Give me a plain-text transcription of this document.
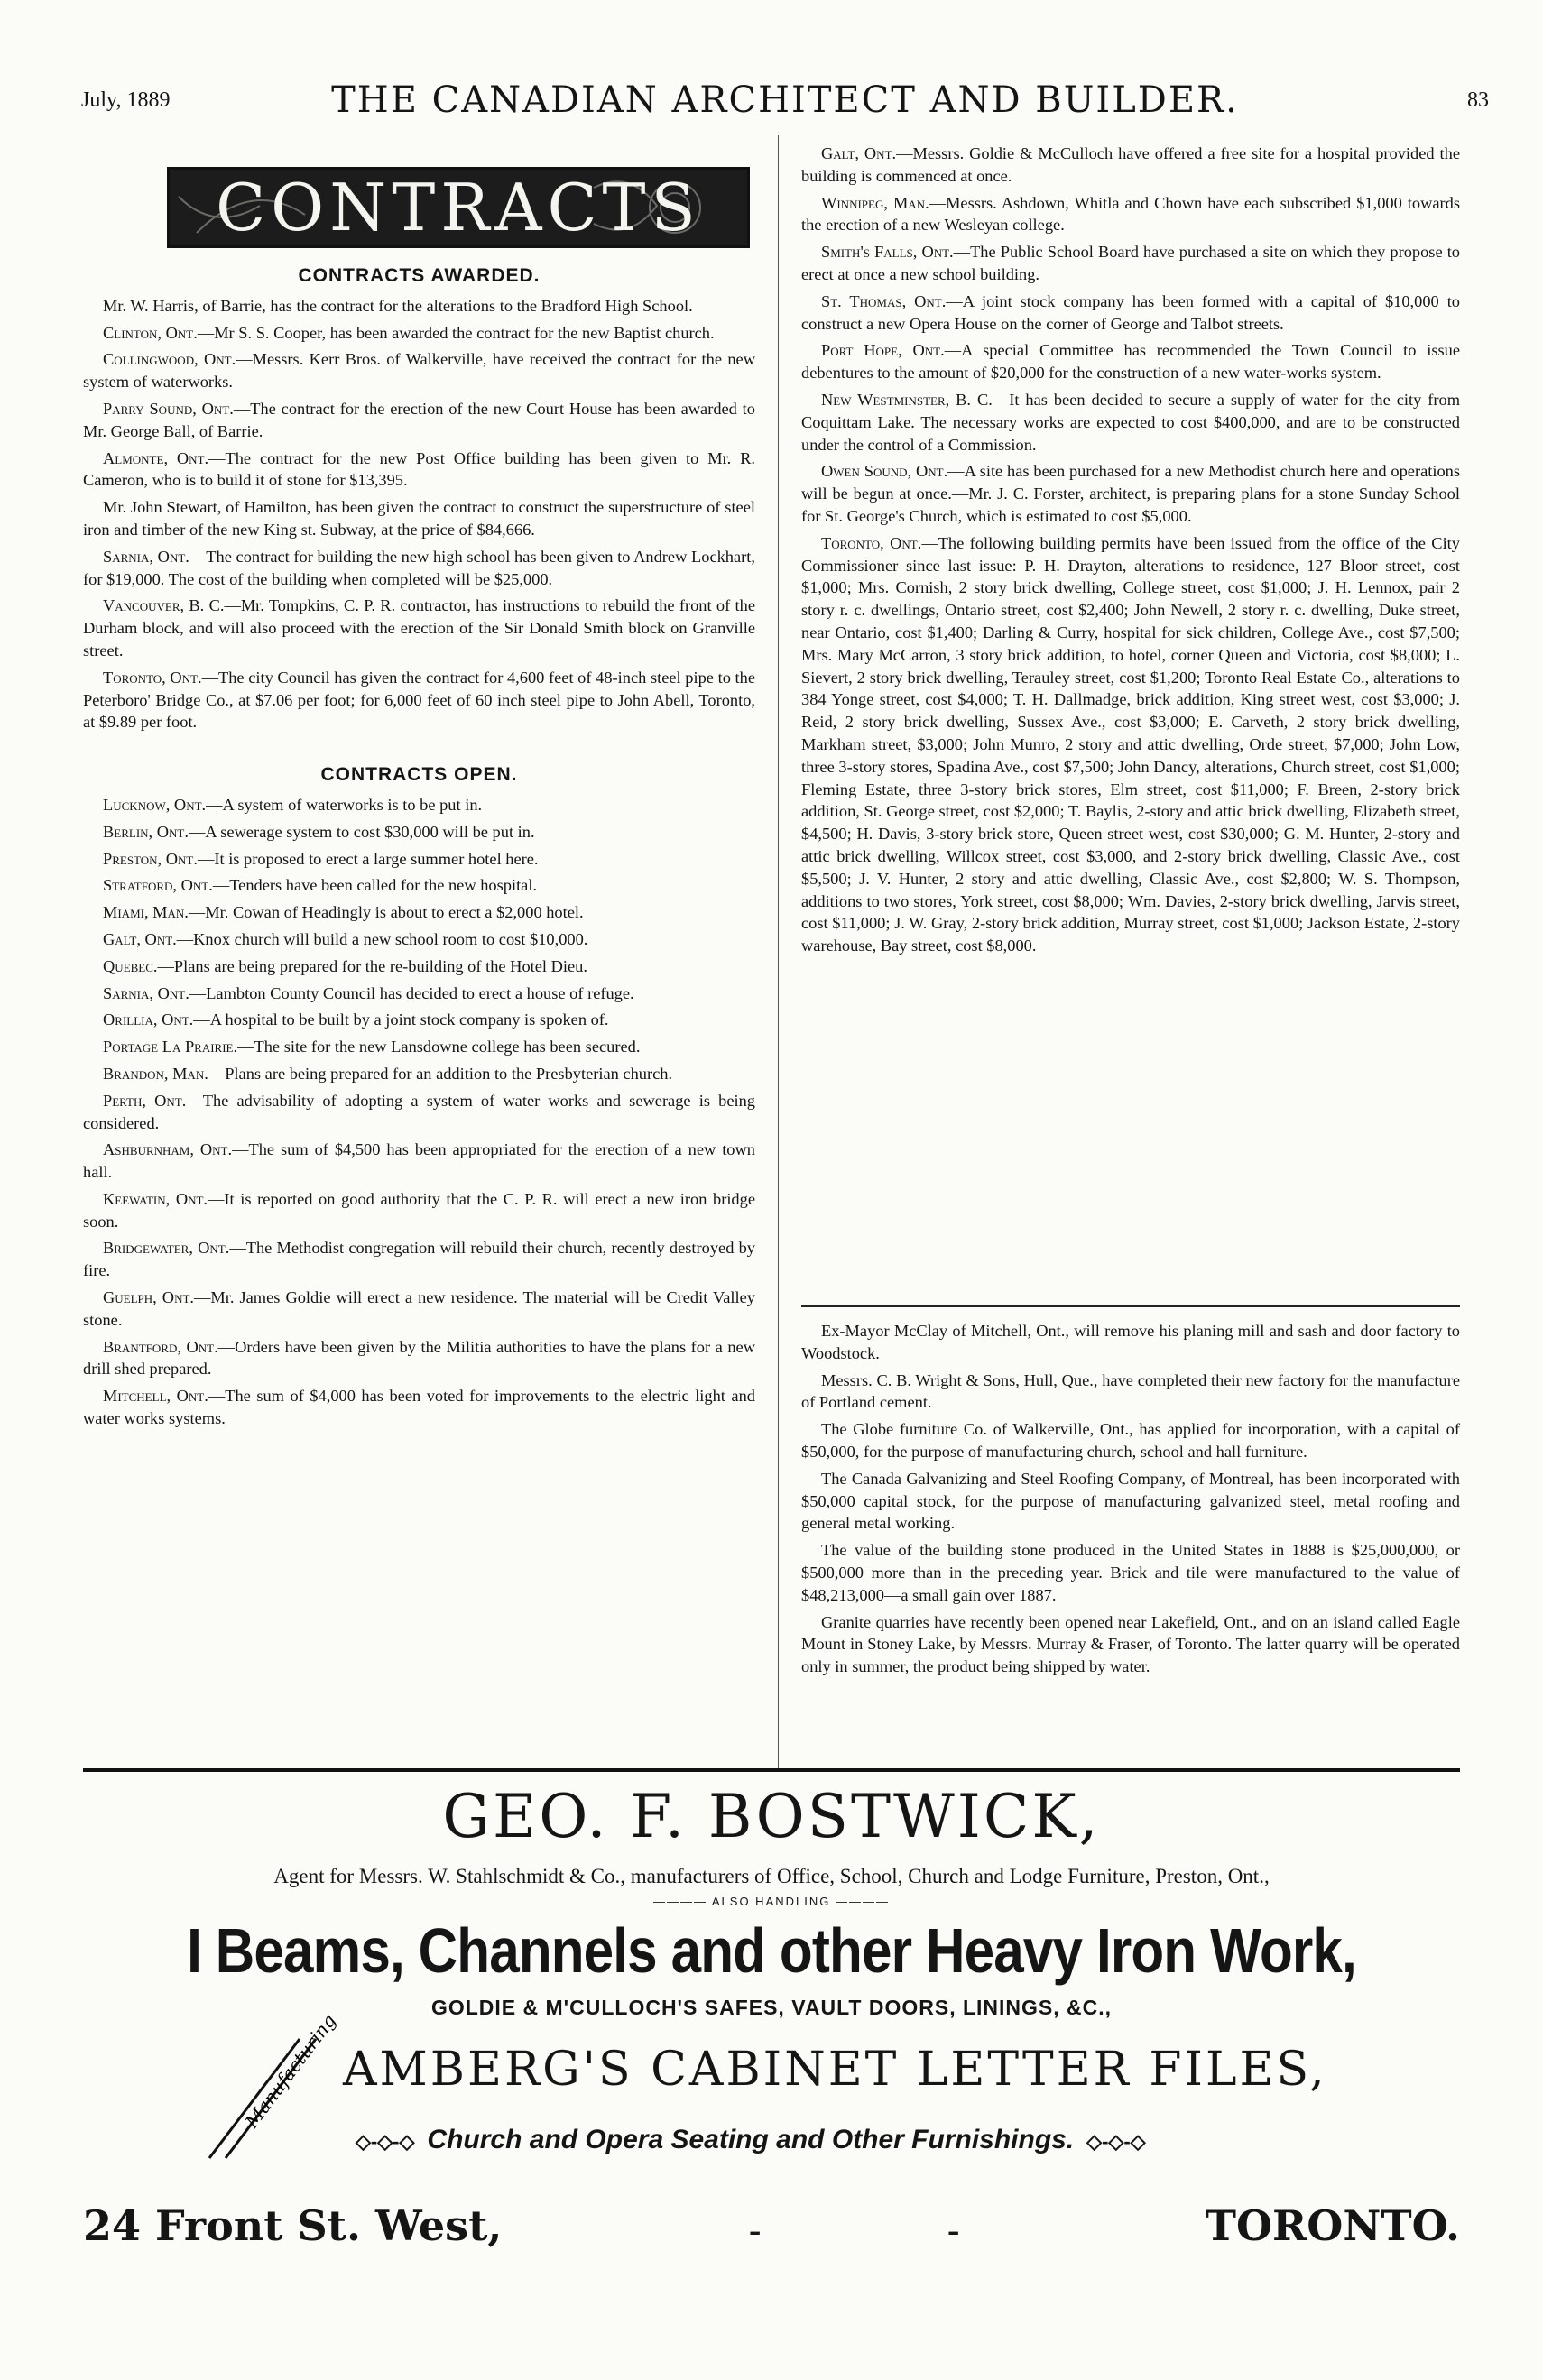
July, 1889	THE CANADIAN ARCHITECT AND BUILDER.	83
CONTRACTS
CONTRACTS AWARDED.

Mr. W. Harris, of Barrie, has the contract for the alterations to the Bradford High School.

Clinton, Ont.—Mr S. S. Cooper, has been awarded the contract for the new Baptist church.

Collingwood, Ont.—Messrs. Kerr Bros. of Walkerville, have received the contract for the new system of waterworks.

Parry Sound, Ont.—The contract for the erection of the new Court House has been awarded to Mr. George Ball, of Barrie.

Almonte, Ont.—The contract for the new Post Office building has been given to Mr. R. Cameron, who is to build it of stone for $13,395.

Mr. John Stewart, of Hamilton, has been given the contract to construct the superstructure of steel iron and timber of the new King st. Subway, at the price of $84,666.

Sarnia, Ont.—The contract for building the new high school has been given to Andrew Lockhart, for $19,000. The cost of the building when completed will be $25,000.

Vancouver, B. C.—Mr. Tompkins, C. P. R. contractor, has instructions to rebuild the front of the Durham block, and will also proceed with the erection of the Sir Donald Smith block on Granville street.

Toronto, Ont.—The city Council has given the contract for 4,600 feet of 48-inch steel pipe to the Peterboro' Bridge Co., at $7.06 per foot; for 6,000 feet of 60 inch steel pipe to John Abell, Toronto, at $9.89 per foot.

CONTRACTS OPEN.

Lucknow, Ont.—A system of waterworks is to be put in.

Berlin, Ont.—A sewerage system to cost $30,000 will be put in.

Preston, Ont.—It is proposed to erect a large summer hotel here.

Stratford, Ont.—Tenders have been called for the new hospital.

Miami, Man.—Mr. Cowan of Headingly is about to erect a $2,000 hotel.

Galt, Ont.—Knox church will build a new school room to cost $10,000.

Quebec.—Plans are being prepared for the re-building of the Hotel Dieu.

Sarnia, Ont.—Lambton County Council has decided to erect a house of refuge.

Orillia, Ont.—A hospital to be built by a joint stock company is spoken of.

Portage La Prairie.—The site for the new Lansdowne college has been secured.

Brandon, Man.—Plans are being prepared for an addition to the Presbyterian church.

Perth, Ont.—The advisability of adopting a system of water works and sewerage is being considered.

Ashburnham, Ont.—The sum of $4,500 has been appropriated for the erection of a new town hall.

Keewatin, Ont.—It is reported on good authority that the C. P. R. will erect a new iron bridge soon.

Bridgewater, Ont.—The Methodist congregation will rebuild their church, recently destroyed by fire.

Guelph, Ont.—Mr. James Goldie will erect a new residence. The material will be Credit Valley stone.

Brantford, Ont.—Orders have been given by the Militia authorities to have the plans for a new drill shed prepared.

Mitchell, Ont.—The sum of $4,000 has been voted for improvements to the electric light and water works systems.

Galt, Ont.—Messrs. Goldie & McCulloch have offered a free site for a hospital provided the building is commenced at once.

Winnipeg, Man.—Messrs. Ashdown, Whitla and Chown have each subscribed $1,000 towards the erection of a new Wesleyan college.

Smith's Falls, Ont.—The Public School Board have purchased a site on which they propose to erect at once a new school building.

St. Thomas, Ont.—A joint stock company has been formed with a capital of $10,000 to construct a new Opera House on the corner of George and Talbot streets.

Port Hope, Ont.—A special Committee has recommended the Town Council to issue debentures to the amount of $20,000 for the construction of a new water-works system.

New Westminster, B. C.—It has been decided to secure a supply of water for the city from Coquittam Lake. The necessary works are expected to cost $400,000, and are to be constructed under the control of a Commission.

Owen Sound, Ont.—A site has been purchased for a new Methodist church here and operations will be begun at once.—Mr. J. C. Forster, architect, is preparing plans for a stone Sunday School for St. George's Church, which is estimated to cost $5,000.

Toronto, Ont.—The following building permits have been issued from the office of the City Commissioner since last issue: P. H. Drayton, alterations to residence, 127 Bloor street, cost $1,000; Mrs. Cornish, 2 story brick dwelling, College street, cost $1,000; J. H. Lennox, pair 2 story r. c. dwellings, Ontario street, cost $2,400; John Newell, 2 story r. c. dwelling, Duke street, near Ontario, cost $1,400; Darling & Curry, hospital for sick children, College Ave., cost $7,500; Mrs. Mary McCarron, 3 story brick addition, to hotel, corner Queen and Victoria, cost $8,000; L. Sievert, 2 story brick dwelling, Terauley street, cost $1,200; Toronto Real Estate Co., alterations to 384 Yonge street, cost $4,000; T. H. Dallmadge, brick addition, King street west, cost $3,000; J. Reid, 2 story brick dwelling, Sussex Ave., cost $3,000; E. Carveth, 2 story brick dwelling, Markham street, $3,000; John Munro, 2 story and attic dwelling, Orde street, $7,000; John Low, three 3-story stores, Spadina Ave., cost $7,500; John Dancy, alterations, Church street, cost $1,000; Fleming Estate, three 3-story brick stores, Elm street, cost $11,000; F. Breen, 2-story brick addition, St. George street, cost $2,000; T. Baylis, 2-story and attic brick dwelling, Elizabeth street, $4,500; H. Davis, 3-story brick store, Queen street west, cost $30,000; G. M. Hunter, 2-story and attic brick dwelling, Willcox street, cost $3,000, and 2-story brick dwelling, Classic Ave., cost $5,500; J. V. Hunter, 2 story and attic dwelling, Classic Ave., cost $2,800; W. S. Thompson, additions to two stores, York street, cost $8,000; Wm. Davies, 2-story brick dwelling, Jarvis street, cost $11,000; J. W. Gray, 2-story brick addition, Murray street, cost $1,000; Jackson Estate, 2-story warehouse, Bay street, cost $8,000.

Ex-Mayor McClay of Mitchell, Ont., will remove his planing mill and sash and door factory to Woodstock.

Messrs. C. B. Wright & Sons, Hull, Que., have completed their new factory for the manufacture of Portland cement.

The Globe furniture Co. of Walkerville, Ont., has applied for incorporation, with a capital of $50,000, for the purpose of manufacturing church, school and hall furniture.

The Canada Galvanizing and Steel Roofing Company, of Montreal, has been incorporated with $50,000 capital stock, for the purpose of manufacturing galvanized steel, metal roofing and general metal working.

The value of the building stone produced in the United States in 1888 is $25,000,000, or $500,000 more than in the preceding year. Brick and tile were manufactured to the value of $48,213,000—a small gain over 1887.

Granite quarries have recently been opened near Lakefield, Ont., and on an island called Eagle Mount in Stoney Lake, by Messrs. Murray & Fraser, of Toronto. The latter quarry will be operated only in summer, the product being shipped by water.

GEO. F. BOSTWICK,
Agent for Messrs. W. Stahlschmidt & Co., manufacturers of Office, School, Church and Lodge Furniture, Preston, Ont.,
———— ALSO HANDLING ————
I Beams, Channels and other Heavy Iron Work,
GOLDIE & M'CULLOCH'S SAFES, VAULT DOORS, LININGS, &C.,
Manufacturing AMBERG'S CABINET LETTER FILES,
◇-◇-◇ Church and Opera Seating and Other Furnishings. ◇-◇-◇
24 Front St. West,	-	-	TORONTO.
